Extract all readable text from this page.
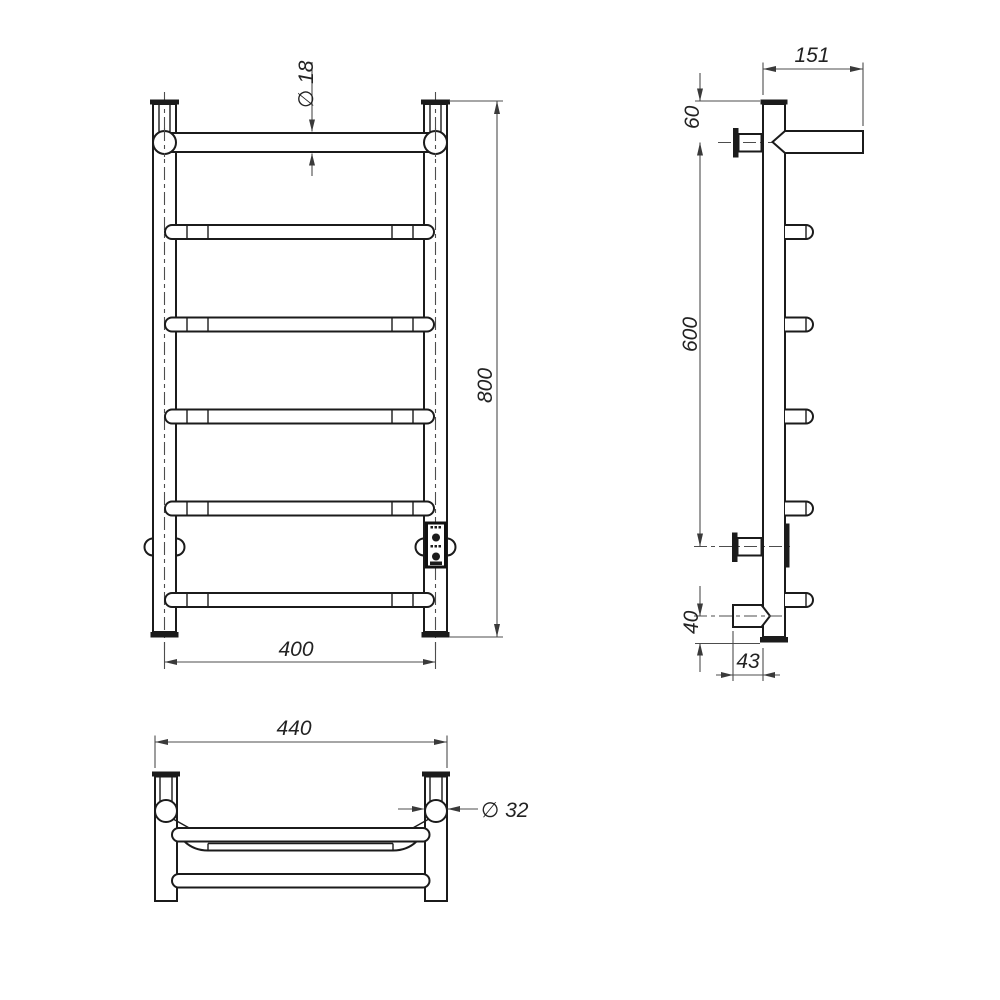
∅ 18
800
400
151
60
600
40
43
440
∅ 32
